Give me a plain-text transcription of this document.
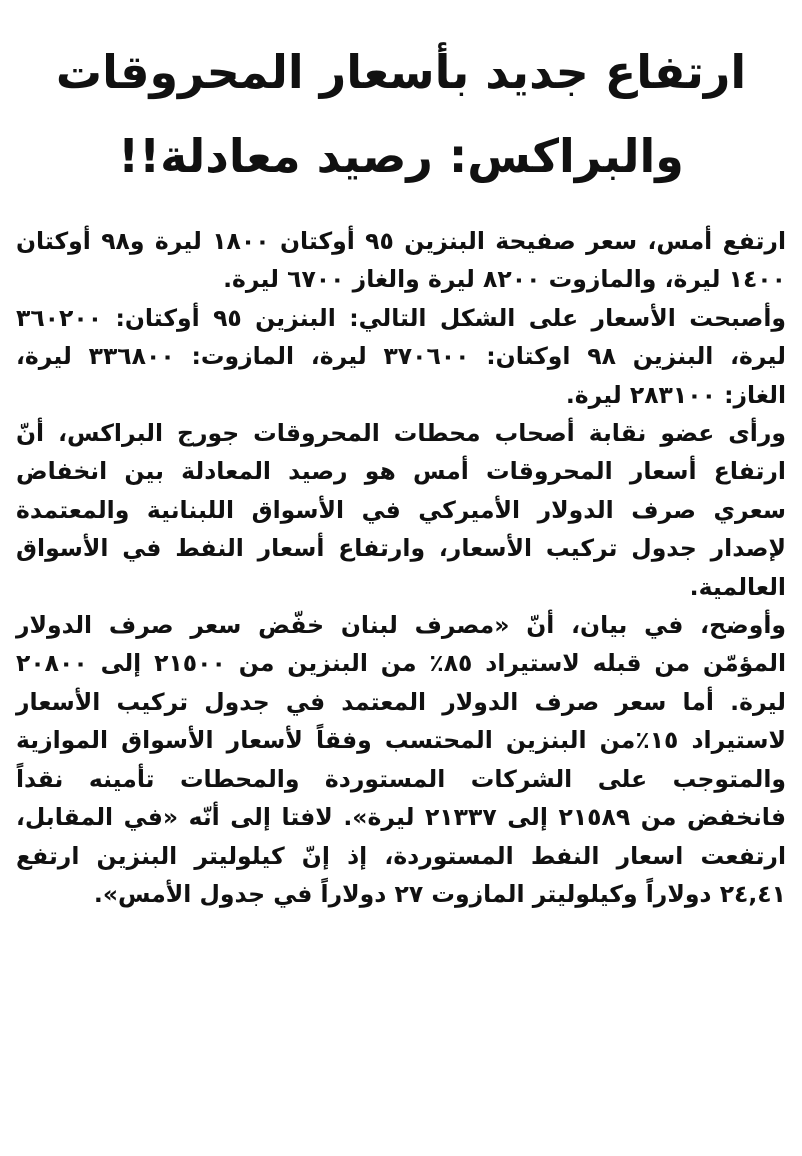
ارتفاع جديد بأسعار المحروقات
والبراكس: رصيد معادلة!!

ارتفع أمس، سعر صفيحة البنزين ٩٥ أوكتان ١٨٠٠ ليرة و٩٨ أوكتان ١٤٠٠ ليرة، والمازوت ٨٢٠٠ ليرة والغاز ٦٧٠٠ ليرة.

وأصبحت الأسعار على الشكل التالي: البنزين ٩٥ أوكتان: ٣٦٠٢٠٠ ليرة، البنزين ٩٨ اوكتان: ٣٧٠٦٠٠ ليرة، المازوت: ٣٣٦٨٠٠ ليرة، الغاز: ٢٨٣١٠٠ ليرة.

ورأى عضو نقابة أصحاب محطات المحروقات جورج البراكس، أنّ ارتفاع أسعار المحروقات أمس هو رصيد المعادلة بين انخفاض سعري صرف الدولار الأميركي في الأسواق اللبنانية والمعتمدة لإصدار جدول تركيب الأسعار، وارتفاع أسعار النفط في الأسواق العالمية.

وأوضح، في بيان، أنّ «مصرف لبنان خفّض سعر صرف الدولار المؤمّن من قبله لاستيراد ٨٥٪ من البنزين من ٢١٥٠٠ إلى ٢٠٨٠٠ ليرة. أما سعر صرف الدولار المعتمد في جدول تركيب الأسعار لاستيراد ١٥٪من البنزين المحتسب وفقاً لأسعار الأسواق الموازية والمتوجب على الشركات المستوردة والمحطات تأمينه نقداً فانخفض من ٢١٥٨٩ إلى ٢١٣٣٧ ليرة». لافتا إلى أنّه «في المقابل، ارتفعت اسعار النفط المستوردة، إذ إنّ كيلوليتر البنزين ارتفع ٢٤,٤١ دولاراً وكيلوليتر المازوت ٢٧ دولاراً في جدول الأمس».
